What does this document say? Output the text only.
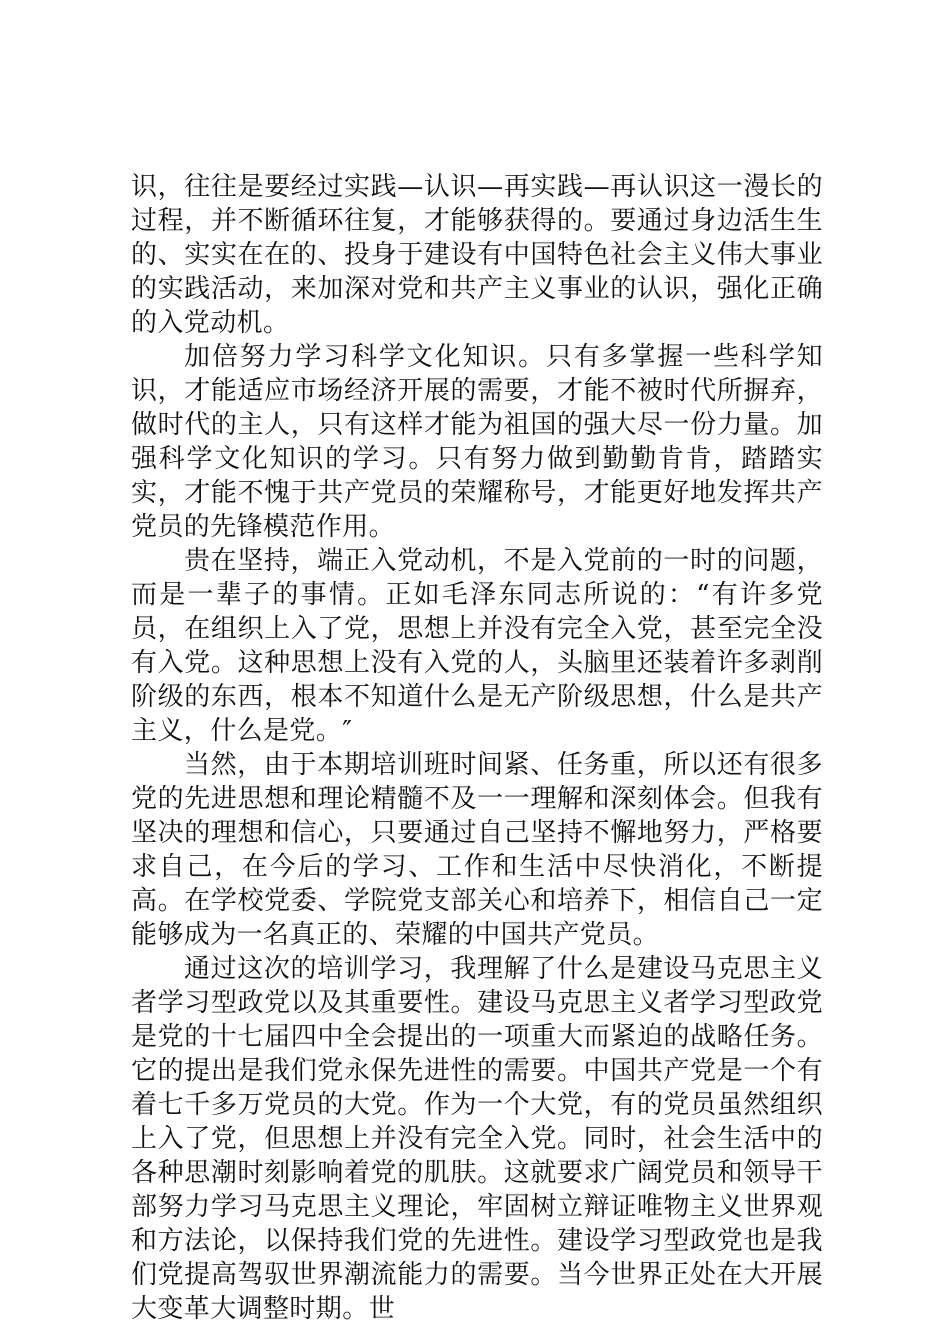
识，往往是要经过实践—认识—再实践—再认识这一漫长的过程，并不断循环往复，才能够获得的。要通过身边活生生的、实实在在的、投身于建设有中国特色社会主义伟大事业的实践活动，来加深对党和共产主义事业的认识，强化正确的入党动机。

加倍努力学习科学文化知识。只有多掌握一些科学知识，才能适应市场经济开展的需要，才能不被时代所摒弃，做时代的主人，只有这样才能为祖国的强大尽一份力量。加强科学文化知识的学习。只有努力做到勤勤肯肯，踏踏实实，才能不愧于共产党员的荣耀称号，才能更好地发挥共产党员的先锋模范作用。

贵在坚持，端正入党动机，不是入党前的一时的问题，而是一辈子的事情。正如毛泽东同志所说的：“有许多党员，在组织上入了党，思想上并没有完全入党，甚至完全没有入党。这种思想上没有入党的人，头脑里还装着许多剥削阶级的东西，根本不知道什么是无产阶级思想，什么是共产主义，什么是党。″

当然，由于本期培训班时间紧、任务重，所以还有很多党的先进思想和理论精髓不及一一理解和深刻体会。但我有坚决的理想和信心，只要通过自己坚持不懈地努力，严格要求自己，在今后的学习、工作和生活中尽快消化，不断提高。在学校党委、学院党支部关心和培养下，相信自己一定能够成为一名真正的、荣耀的中国共产党员。

通过这次的培训学习，我理解了什么是建设马克思主义者学习型政党以及其重要性。建设马克思主义者学习型政党是党的十七届四中全会提出的一项重大而紧迫的战略任务。它的提出是我们党永保先进性的需要。中国共产党是一个有着七千多万党员的大党。作为一个大党，有的党员虽然组织上入了党，但思想上并没有完全入党。同时，社会生活中的各种思潮时刻影响着党的肌肤。这就要求广阔党员和领导干部努力学习马克思主义理论，牢固树立辩证唯物主义世界观和方法论，以保持我们党的先进性。建设学习型政党也是我们党提高驾驭世界潮流能力的需要。当今世界正处在大开展大变革大调整时期。世
